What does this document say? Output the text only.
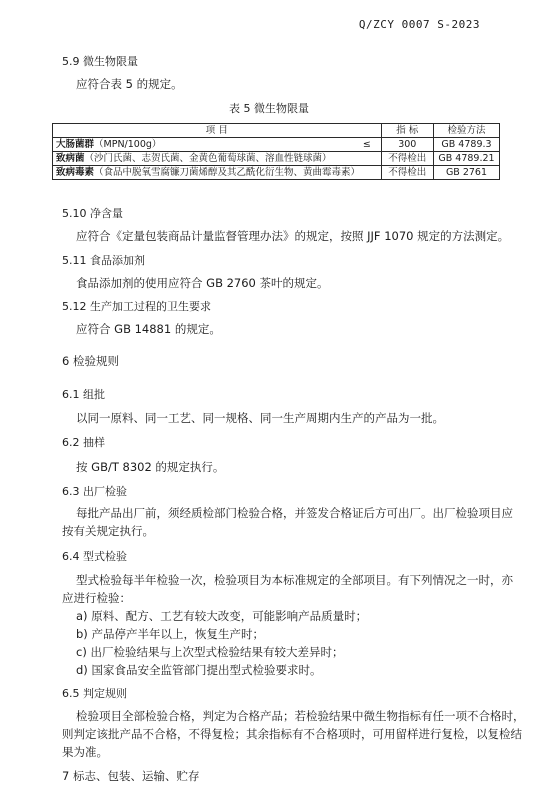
Q/ZCY 0007 S-2023
5.9 微生物限量
应符合表 5 的规定。
表 5 微生物限量
项 目		指 标	检验方法
大肠菌群（MPN/100g）	≤	300	GB 4789.3
致病菌（沙门氏菌、志贺氏菌、金黄色葡萄球菌、溶血性链球菌）		不得检出	GB 4789.21
致病毒素（食品中脱氧雪腐镰刀菌烯醇及其乙酰化衍生物、黄曲霉毒素）		不得检出	GB 2761
5.10 净含量
应符合《定量包装商品计量监督管理办法》的规定，按照 JJF 1070 规定的方法测定。
5.11 食品添加剂
食品添加剂的使用应符合 GB 2760 茶叶的规定。
5.12 生产加工过程的卫生要求
应符合 GB 14881 的规定。
6 检验规则
6.1 组批
以同一原料、同一工艺、同一规格、同一生产周期内生产的产品为一批。
6.2 抽样
按 GB/T 8302 的规定执行。
6.3 出厂检验
每批产品出厂前，须经质检部门检验合格，并签发合格证后方可出厂。出厂检验项目应
按有关规定执行。
6.4 型式检验
型式检验每半年检验一次，检验项目为本标准规定的全部项目。有下列情况之一时，亦
应进行检验：
a) 原料、配方、工艺有较大改变，可能影响产品质量时；
b) 产品停产半年以上，恢复生产时；
c) 出厂检验结果与上次型式检验结果有较大差异时；
d) 国家食品安全监管部门提出型式检验要求时。
6.5 判定规则
检验项目全部检验合格，判定为合格产品；若检验结果中微生物指标有任一项不合格时，
则判定该批产品不合格，不得复检；其余指标有不合格项时，可用留样进行复检，以复检结
果为准。
7 标志、包装、运输、贮存
